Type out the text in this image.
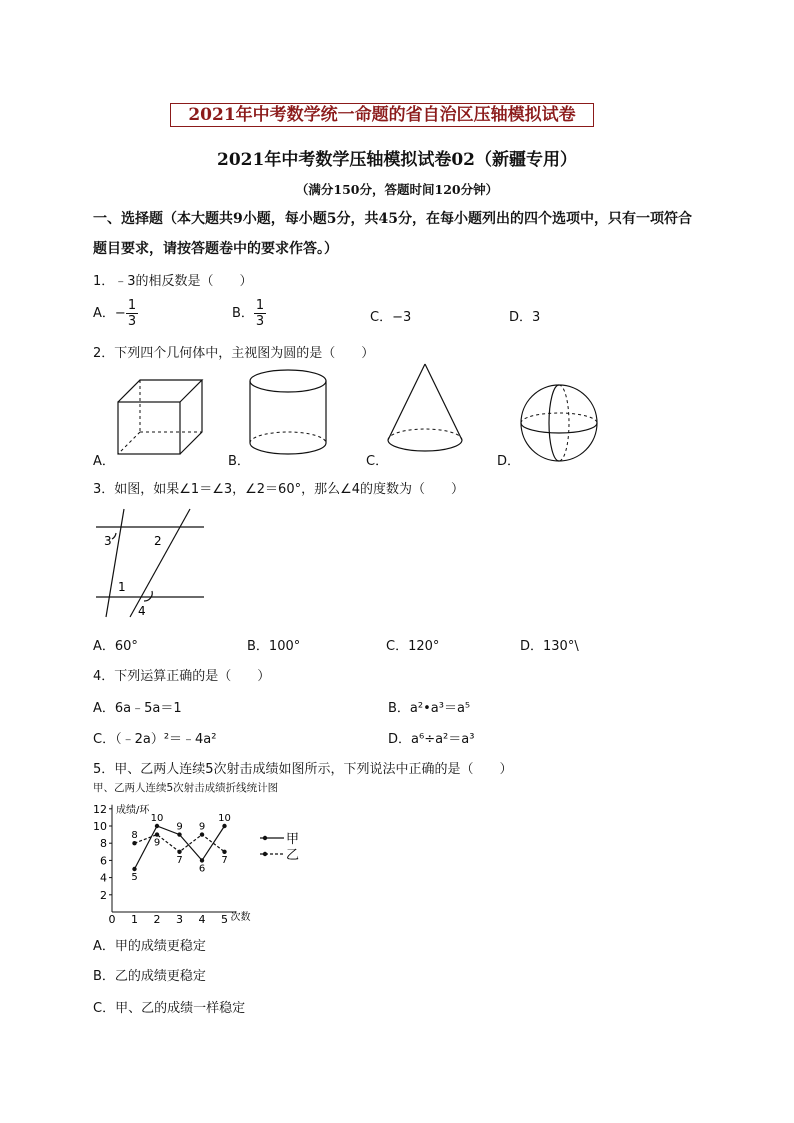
2021年中考数学统一命题的省自治区压轴模拟试卷
2021年中考数学压轴模拟试卷02（新疆专用）
（满分150分，答题时间120分钟）
一、选择题（本大题共9小题，每小题5分，共45分，在每小题列出的四个选项中，只有一项符合题目要求，请按答题卷中的要求作答。）
1．﹣3的相反数是（　　）
A．− $\frac{1}{3}$	B． $\frac{1}{3}$	C．−3	D．3
2．下列四个几何体中，主视图为圆的是（　　）
A．	B．	C．	D．
3．如图，如果∠1＝∠3，∠2＝60°，那么∠4的度数为（　　）
3	2
1
4
A．60°	B．100°	C．120°	D．130°\
4．下列运算正确的是（　　）
A．6a﹣5a＝1	B．a²•a³＝a⁵
C．（﹣2a）²＝﹣4a²	D．a⁶÷a²＝a³
5．甲、乙两人连续5次射击成绩如图所示，下列说法中正确的是（　　）
甲、乙两人连续5次射击成绩折线统计图
成绩/环
次数
0 1 2 3 4 5
2
4
6
8
10
12
5
10
9
6
10
甲
8
9
7
9
7	乙
A．甲的成绩更稳定
B．乙的成绩更稳定
C．甲、乙的成绩一样稳定
